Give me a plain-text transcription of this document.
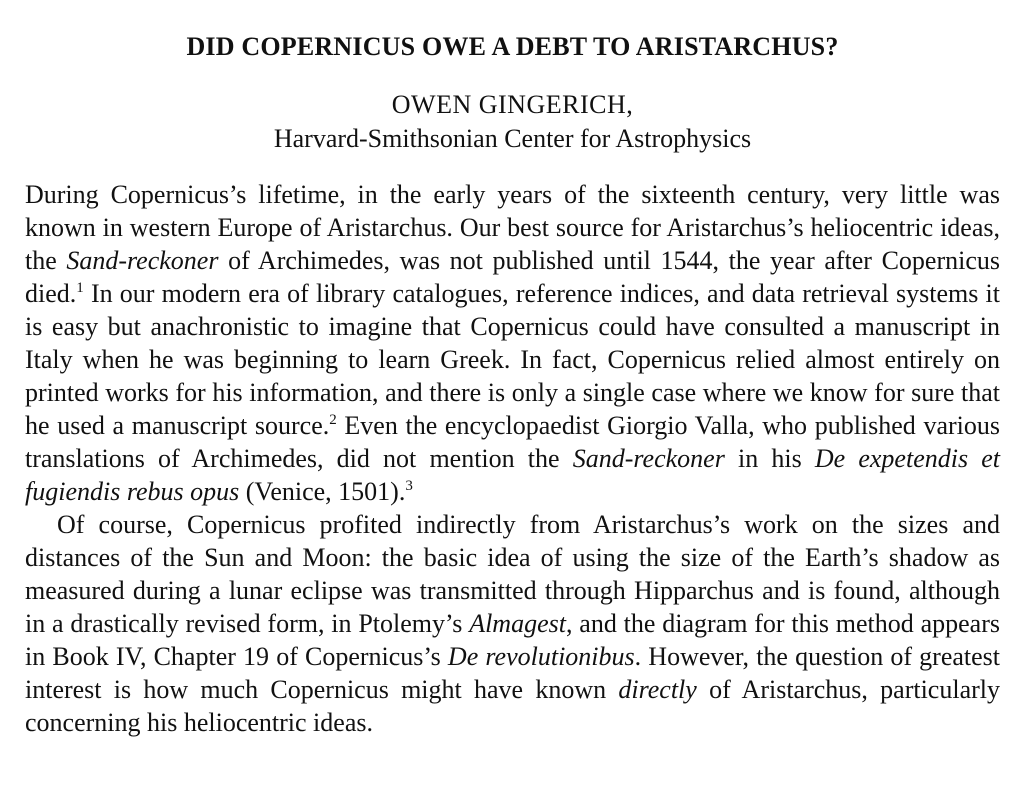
DID COPERNICUS OWE A DEBT TO ARISTARCHUS?

OWEN GINGERICH,

Harvard-Smithsonian Center for Astrophysics

During Copernicus’s lifetime, in the early years of the sixteenth century, very little was known in western Europe of Aristarchus. Our best source for Aristarchus’s heliocentric ideas, the Sand-reckoner of Archimedes, was not published until 1544, the year after Copernicus died.$^1$ In our modern era of library catalogues, reference indices, and data retrieval systems it is easy but anachronistic to imagine that Copernicus could have consulted a manuscript in Italy when he was beginning to learn Greek. In fact, Copernicus relied almost entirely on printed works for his information, and there is only a single case where we know for sure that he used a manuscript source.$^2$ Even the encyclopaedist Giorgio Valla, who published various translations of Archimedes, did not mention the Sand-reckoner in his De expetendis et fugiendis rebus opus (Venice, 1501).$^3$

Of course, Copernicus profited indirectly from Aristarchus’s work on the sizes and distances of the Sun and Moon: the basic idea of using the size of the Earth’s shadow as measured during a lunar eclipse was transmitted through Hipparchus and is found, although in a drastically revised form, in Ptolemy’s Almagest, and the diagram for this method appears in Book IV, Chapter 19 of Copernicus’s De revolutionibus. However, the question of greatest interest is how much Copernicus might have known directly of Aristarchus, particularly concerning his heliocentric ideas.
